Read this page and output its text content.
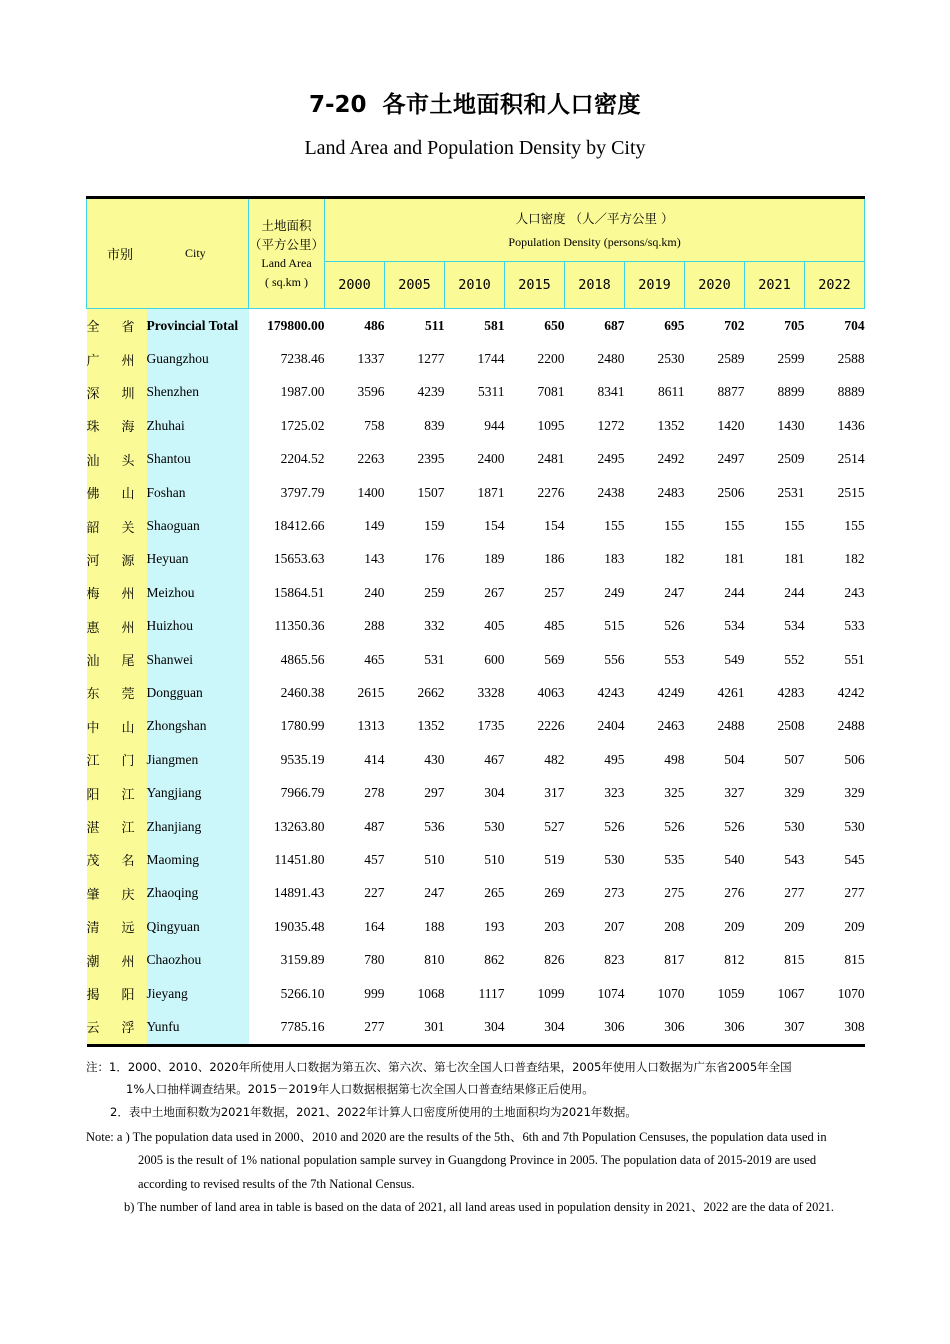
7-20 各市土地面积和人口密度
Land Area and Population Density by City
市别 City		土地面积
（平方公里）
Land Area
( sq.km )	人口密度 （人／平方公里 ）
Population Density (persons/sq.km)								

			2000	2005	2010	2015	2018	2019	2020	2021	2022
全 省	Provincial Total	179800.00	486	511	581	650	687	695	702	705	704
广 州	Guangzhou	7238.46	1337	1277	1744	2200	2480	2530	2589	2599	2588
深 圳	Shenzhen	1987.00	3596	4239	5311	7081	8341	8611	8877	8899	8889
珠 海	Zhuhai	1725.02	758	839	944	1095	1272	1352	1420	1430	1436
汕 头	Shantou	2204.52	2263	2395	2400	2481	2495	2492	2497	2509	2514
佛 山	Foshan	3797.79	1400	1507	1871	2276	2438	2483	2506	2531	2515
韶 关	Shaoguan	18412.66	149	159	154	154	155	155	155	155	155
河 源	Heyuan	15653.63	143	176	189	186	183	182	181	181	182
梅 州	Meizhou	15864.51	240	259	267	257	249	247	244	244	243
惠 州	Huizhou	11350.36	288	332	405	485	515	526	534	534	533
汕 尾	Shanwei	4865.56	465	531	600	569	556	553	549	552	551
东 莞	Dongguan	2460.38	2615	2662	3328	4063	4243	4249	4261	4283	4242
中 山	Zhongshan	1780.99	1313	1352	1735	2226	2404	2463	2488	2508	2488
江 门	Jiangmen	9535.19	414	430	467	482	495	498	504	507	506
阳 江	Yangjiang	7966.79	278	297	304	317	323	325	327	329	329
湛 江	Zhanjiang	13263.80	487	536	530	527	526	526	526	530	530
茂 名	Maoming	11451.80	457	510	510	519	530	535	540	543	545
肇 庆	Zhaoqing	14891.43	227	247	265	269	273	275	276	277	277
清 远	Qingyuan	19035.48	164	188	193	203	207	208	209	209	209
潮 州	Chaozhou	3159.89	780	810	862	826	823	817	812	815	815
揭 阳	Jieyang	5266.10	999	1068	1117	1099	1074	1070	1059	1067	1070
云 浮	Yunfu	7785.16	277	301	304	304	306	306	306	307	308
注：1．2000、2010、2020年所使用人口数据为第五次、第六次、第七次全国人口普查结果，2005年使用人口数据为广东省2005年全国
1%人口抽样调查结果。2015－2019年人口数据根据第七次全国人口普查结果修正后使用。
2．表中土地面积数为2021年数据，2021、2022年计算人口密度所使用的土地面积均为2021年数据。
Note: a ) The population data used in 2000、2010 and 2020 are the results of the 5th、6th and 7th Population Censuses, the population data used in
2005 is the result of 1% national population sample survey in Guangdong Province in 2005. The population data of 2015-2019 are used
according to revised results of the 7th National Census.
b) The number of land area in table is based on the data of 2021, all land areas used in population density in 2021、2022 are the data of 2021.
